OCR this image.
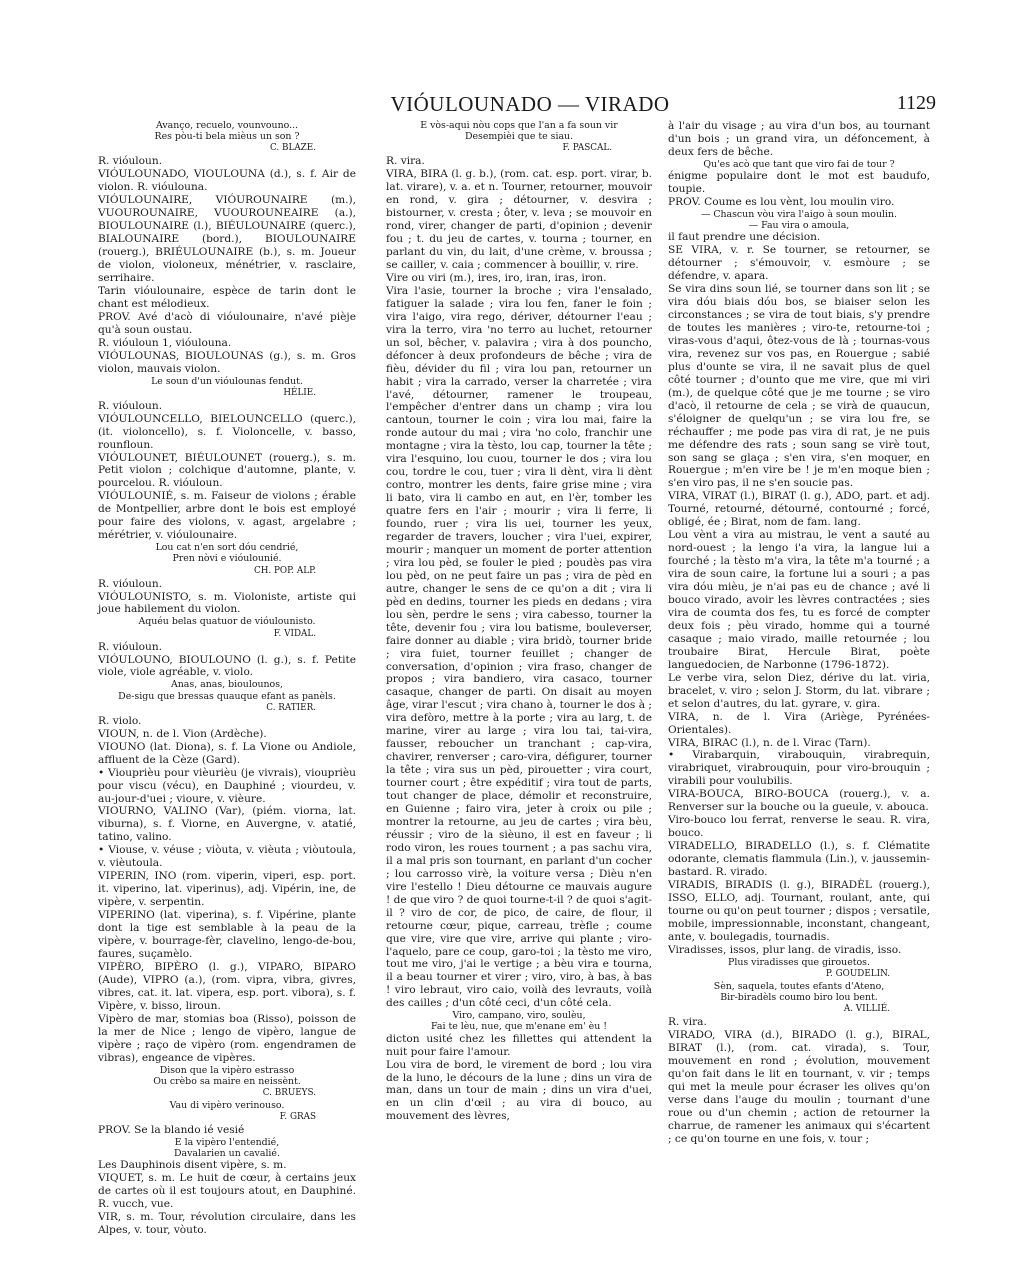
VIÓULOUNADO — VIRADO	1129

Avanço, recuelo, vounvouno...

Res pòu-ti bela mièus un son ?

C. BLAZE.

R. vióuloun.

VIÓULOUNADO, VIOULOUNA (d.), s. f. Air de violon. R. vióulouna.

VIÓULOUNAIRE, VIÓUROUNAIRE (m.), VUOUROUNAIRE, VUOUROUNEAIRE (a.), BIOULOUNAIRE (l.), BIÉULOUNAIRE (querc.), BIALOUNAIRE (bord.), BIOULOUNAIRE (rouerg.), BRIÉULOUNAIRE (b.), s. m. Joueur de violon, violoneux, ménétrier, v. rasclaire, serrihaire.

Tarin vióulounaire, espèce de tarin dont le chant est mélodieux.

PROV. Avé d'acò di vióulounaire, n'avé pièje qu'à soun oustau.

R. vióuloun 1, vióulouna.

VIÓULOUNAS, BIOULOUNAS (g.), s. m. Gros violon, mauvais violon.

Le soun d'un vióulounas fendut.

HÉLIE.

R. vióuloun.

VIÓULOUNCELLO, BIELOUNCELLO (querc.), (it. violoncello), s. f. Violoncelle, v. basso, rounfloun.

VIÓULOUNET, BIÉULOUNET (rouerg.), s. m. Petit violon ; colchique d'automne, plante, v. pourcelou. R. vióuloun.

VIÓULOUNIÉ, s. m. Faiseur de violons ; érable de Montpellier, arbre dont le bois est employé pour faire des violons, v. agast, argelabre ; mérétrier, v. vióulounaire.

Lou cat n'en sort dóu cendrié,

Pren nòvi e vióulounié.

CH. POP. ALP.

R. vióuloun.

VIÓULOUNISTO, s. m. Violoniste, artiste qui joue habilement du violon.

Aquéu belas quatuor de vióulounisto.

F. VIDAL.

R. vióuloun.

VIÓULOUNO, BIOULOUNO (l. g.), s. f. Petite viole, viole agréable, v. violo.

Anas, anas, bioulounos,

De-sigu que bressas quauque efant as panèls.

C. RATIER.

R. violo.

VIOUN, n. de l. Vion (Ardèche).

VIOUNO (lat. Diona), s. f. La Vione ou Andiole, affluent de la Cèze (Gard).

• Viouprièu pour vièurièu (je vivrais), viouprièu pour viscu (vécu), en Dauphiné ; viourdeu, v. au-jour-d'uei ; vioure, v. vièure.

VIOURNO, VALINO (Var), (piém. viorna, lat. viburna), s. f. Viorne, en Auvergne, v. atatié, tatino, valino.

• Viouse, v. véuse ; viòuta, v. vièuta ; viòutoula, v. vièutoula.

VIPERIN, INO (rom. viperin, viperi, esp. port. it. viperino, lat. viperinus), adj. Vipérin, ine, de vipère, v. serpentin.

VIPERINO (lat. viperina), s. f. Vipérine, plante dont la tige est semblable à la peau de la vipère, v. bourrage-fèr, clavelino, lengo-de-bou, faures, suçamèlo.

VIPÈRO, BIPÈRO (l. g.), VIPARO, BIPARO (Aude), VIPRO (a.), (rom. vipra, vibra, givres, vibres, cat. it. lat. vipera, esp. port. vibora), s. f. Vipère, v. bisso, liroun.

Vipèro de mar, stomias boa (Risso), poisson de la mer de Nice ; lengo de vipèro, langue de vipère ; raço de vipèro (rom. engendramen de vibras), engeance de vipères.

Dison que la vipèro estrasso

Ou crèbo sa maire en neissènt.

C. BRUEYS.

Vau di vipèro verinouso.

F. GRAS

PROV. Se la blando ié vesié

E la vipèro l'entendié,

Davalarien un cavalié.

Les Dauphinois disent vipère, s. m.

VIQUET, s. m. Le huit de cœur, à certains jeux de cartes où il est toujours atout, en Dauphiné. R. vucch, vue.

VIR, s. m. Tour, révolution circulaire, dans les Alpes, v. tour, vòuto.

E vòs-aqui nòu cops que l'an a fa soun vir

Desempièi que te siau.

F. PASCAL.

R. vira.

VIRA, BIRA (l. g. b.), (rom. cat. esp. port. virar, b. lat. virare), v. a. et n. Tourner, retourner, mouvoir en rond, v. gira ; détourner, v. desvira ; bistourner, v. cresta ; ôter, v. leva ; se mouvoir en rond, virer, changer de parti, d'opinion ; devenir fou ; t. du jeu de cartes, v. tourna ; tourner, en parlant du vin, du lait, d'une crème, v. broussa ; se cailler, v. caia ; commencer à bouillir, v. rire.

Vire ou viri (m.), ires, iro, iran, iras, iron.

Vira l'asie, tourner la broche ; vira l'ensalado, fatiguer la salade ; vira lou fen, faner le foin ; vira l'aigo, vira rego, dériver, détourner l'eau ; vira la terro, vira 'no terro au luchet, retourner un sol, bêcher, v. palavira ; vira à dos pouncho, défoncer à deux profondeurs de bêche ; vira de fièu, dévider du fil ; vira lou pan, retourner un habit ; vira la carrado, verser la charretée ; vira l'avé, détourner, ramener le troupeau, l'empêcher d'entrer dans un champ ; vira lou cantoun, tourner le coin ; vira lou mai, faire la ronde autour du mai ; vira 'no colo, franchir une montagne ; vira la tèsto, lou cap, tourner la tête ; vira l'esquino, lou cuou, tourner le dos ; vira lou cou, tordre le cou, tuer ; vira li dènt, vira li dènt contro, montrer les dents, faire grise mine ; vira li bato, vira li cambo en aut, en l'èr, tomber les quatre fers en l'air ; mourir ; vira li ferre, li foundo, ruer ; vira lis uei, tourner les yeux, regarder de travers, loucher ; vira l'uei, expirer, mourir ; manquer un moment de porter attention ; vira lou pèd, se fouler le pied ; poudès pas vira lou pèd, on ne peut faire un pas ; vira de pèd en autre, changer le sens de ce qu'on a dit ; vira li pèd en dedins, tourner les pieds en dedans ; vira lou sèn, perdre le sens ; vira cabesso, tourner la tête, devenir fou ; vira lou batisme, bouleverser, faire donner au diable ; vira bridò, tourner bride ; vira fuiet, tourner feuillet ; changer de conversation, d'opinion ; vira fraso, changer de propos ; vira bandiero, vira casaco, tourner casaque, changer de parti. On disait au moyen âge, virar l'escut ; vira chano à, tourner le dos à ; vira defòro, mettre à la porte ; vira au larg, t. de marine, virer au large ; vira lou tai, tai-vira, fausser, reboucher un tranchant ; cap-vira, chavirer, renverser ; caro-vira, défigurer, tourner la tête ; vira sus un pèd, pirouetter ; vira court, tourner court ; être expéditif ; vira tout de parts, tout changer de place, démolir et reconstruire, en Guienne ; fairo vira, jeter à croix ou pile ; montrer la retourne, au jeu de cartes ; vira bèu, réussir ; viro de la sièuno, il est en faveur ; li rodo viron, les roues tournent ; a pas sachu vira, il a mal pris son tournant, en parlant d'un cocher ; lou carrosso virè, la voiture versa ; Dièu n'en vire l'estello ! Dieu détourne ce mauvais augure ! de que viro ? de quoi tourne-t-il ? de quoi s'agit-il ? viro de cor, de pico, de caire, de flour, il retourne cœur, pique, carreau, trèfle ; coume que vire, vire que vire, arrive qui plante ; viro-l'aquelo, pare ce coup, garo-toi ; la tèsto me viro, tout me viro, j'ai le vertige ; a bèu vira e tourna, il a beau tourner et virer ; viro, viro, à bas, à bas ! viro lebraut, viro caio, voilà des levrauts, voilà des cailles ; d'un côté ceci, d'un côté cela.

Viro, campano, viro, soulèu,

Fai te lèu, nue, que m'enane em' èu !

dicton usité chez les fillettes qui attendent la nuit pour faire l'amour.

Lou vira de bord, le virement de bord ; lou vira de la luno, le décours de la lune ; dins un vira de man, dans un tour de main ; dins un vira d'uei, en un clin d'œil ; au vira di bouco, au mouvement des lèvres,

à l'air du visage ; au vira d'un bos, au tournant d'un bois ; un grand vira, un défoncement, à deux fers de bêche.

Qu'es acò que tant que viro fai de tour ?

énigme populaire dont le mot est baudufo, toupie.

PROV. Coume es lou vènt, lou moulin viro.

— Chascun vòu vira l'aigo à soun moulin.

— Fau vira o amoula,

il faut prendre une décision.

SE VIRA, v. r. Se tourner, se retourner, se détourner ; s'émouvoir, v. esmòure ; se défendre, v. apara.

Se vira dins soun lié, se tourner dans son lit ; se vira dóu biais dóu bos, se biaiser selon les circonstances ; se vira de tout biais, s'y prendre de toutes les manières ; viro-te, retourne-toi ; viras-vous d'aqui, ôtez-vous de là ; tournas-vous vira, revenez sur vos pas, en Rouergue ; sabié plus d'ounte se vira, il ne savait plus de quel côté tourner ; d'ounto que me vire, que mi viri (m.), de quelque côté que je me tourne ; se viro d'acò, il retourne de cela ; se virà de quaucun, s'éloigner de quelqu'un ; se vira lou fre, se réchauffer ; me pode pas vira di rat, je ne puis me défendre des rats ; soun sang se virè tout, son sang se glaça ; s'en vira, s'en moquer, en Rouergue ; m'en vire be ! je m'en moque bien ; s'en viro pas, il ne s'en soucie pas.

VIRA, VIRAT (l.), BIRAT (l. g.), ADO, part. et adj. Tourné, retourné, détourné, contourné ; forcé, obligé, ée ; Birat, nom de fam. lang.

Lou vènt a vira au mistrau, le vent a sauté au nord-ouest ; la lengo i'a vira, la langue lui a fourché ; la tèsto m'a vira, la tête m'a tourné ; a vira de soun caire, la fortune lui a souri ; a pas vira dóu mièu, je n'ai pas eu de chance ; avé li bouco virado, avoir les lèvres contractées ; sies vira de coumta dos fes, tu es forcé de compter deux fois ; pèu virado, homme qui a tourné casaque ; maio virado, maille retournée ; lou troubaire Birat, Hercule Birat, poète languedocien, de Narbonne (1796-1872).

Le verbe vira, selon Diez, dérive du lat. viria, bracelet, v. viro ; selon J. Storm, du lat. vibrare ; et selon d'autres, du lat. gyrare, v. gira.

VIRA, n. de l. Vira (Ariège, Pyrénées-Orientales).

VIRA, BIRAC (l.), n. de l. Virac (Tarn).

• Virabarquin, virabouquin, virabrequin, virabriquet, virabrouquin, pour viro-brouquin ; virabili pour voulubilis.

VIRA-BOUCA, BIRO-BOUCA (rouerg.), v. a. Renverser sur la bouche ou la gueule, v. abouca.

Viro-bouco lou ferrat, renverse le seau. R. vira, bouco.

VIRADELLO, BIRADELLO (l.), s. f. Clématite odorante, clematis flammula (Lin.), v. jaussemin-bastard. R. virado.

VIRADIS, BIRADIS (l. g.), BIRADÈL (rouerg.), ISSO, ELLO, adj. Tournant, roulant, ante, qui tourne ou qu'on peut tourner ; dispos ; versatile, mobile, impressionnable, inconstant, changeant, ante, v. boulegadis, tournadis.

Viradisses, issos, plur lang. de viradis, isso.

Plus viradisses que girouetos.

P. GOUDELIN.

Sèn, saquela, toutes efants d'Ateno,

Bir-biradèls coumo biro lou bent.

A. VILLIÉ.

R. vira.

VIRADO, VIRA (d.), BIRADO (l. g.), BIRAL, BIRAT (l.), (rom. cat. virada), s. Tour, mouvement en rond ; évolution, mouvement qu'on fait dans le lit en tournant, v. vir ; temps qui met la meule pour écraser les olives qu'on verse dans l'auge du moulin ; tournant d'une roue ou d'un chemin ; action de retourner la charrue, de ramener les animaux qui s'écartent ; ce qu'on tourne en une fois, v. tour ;
